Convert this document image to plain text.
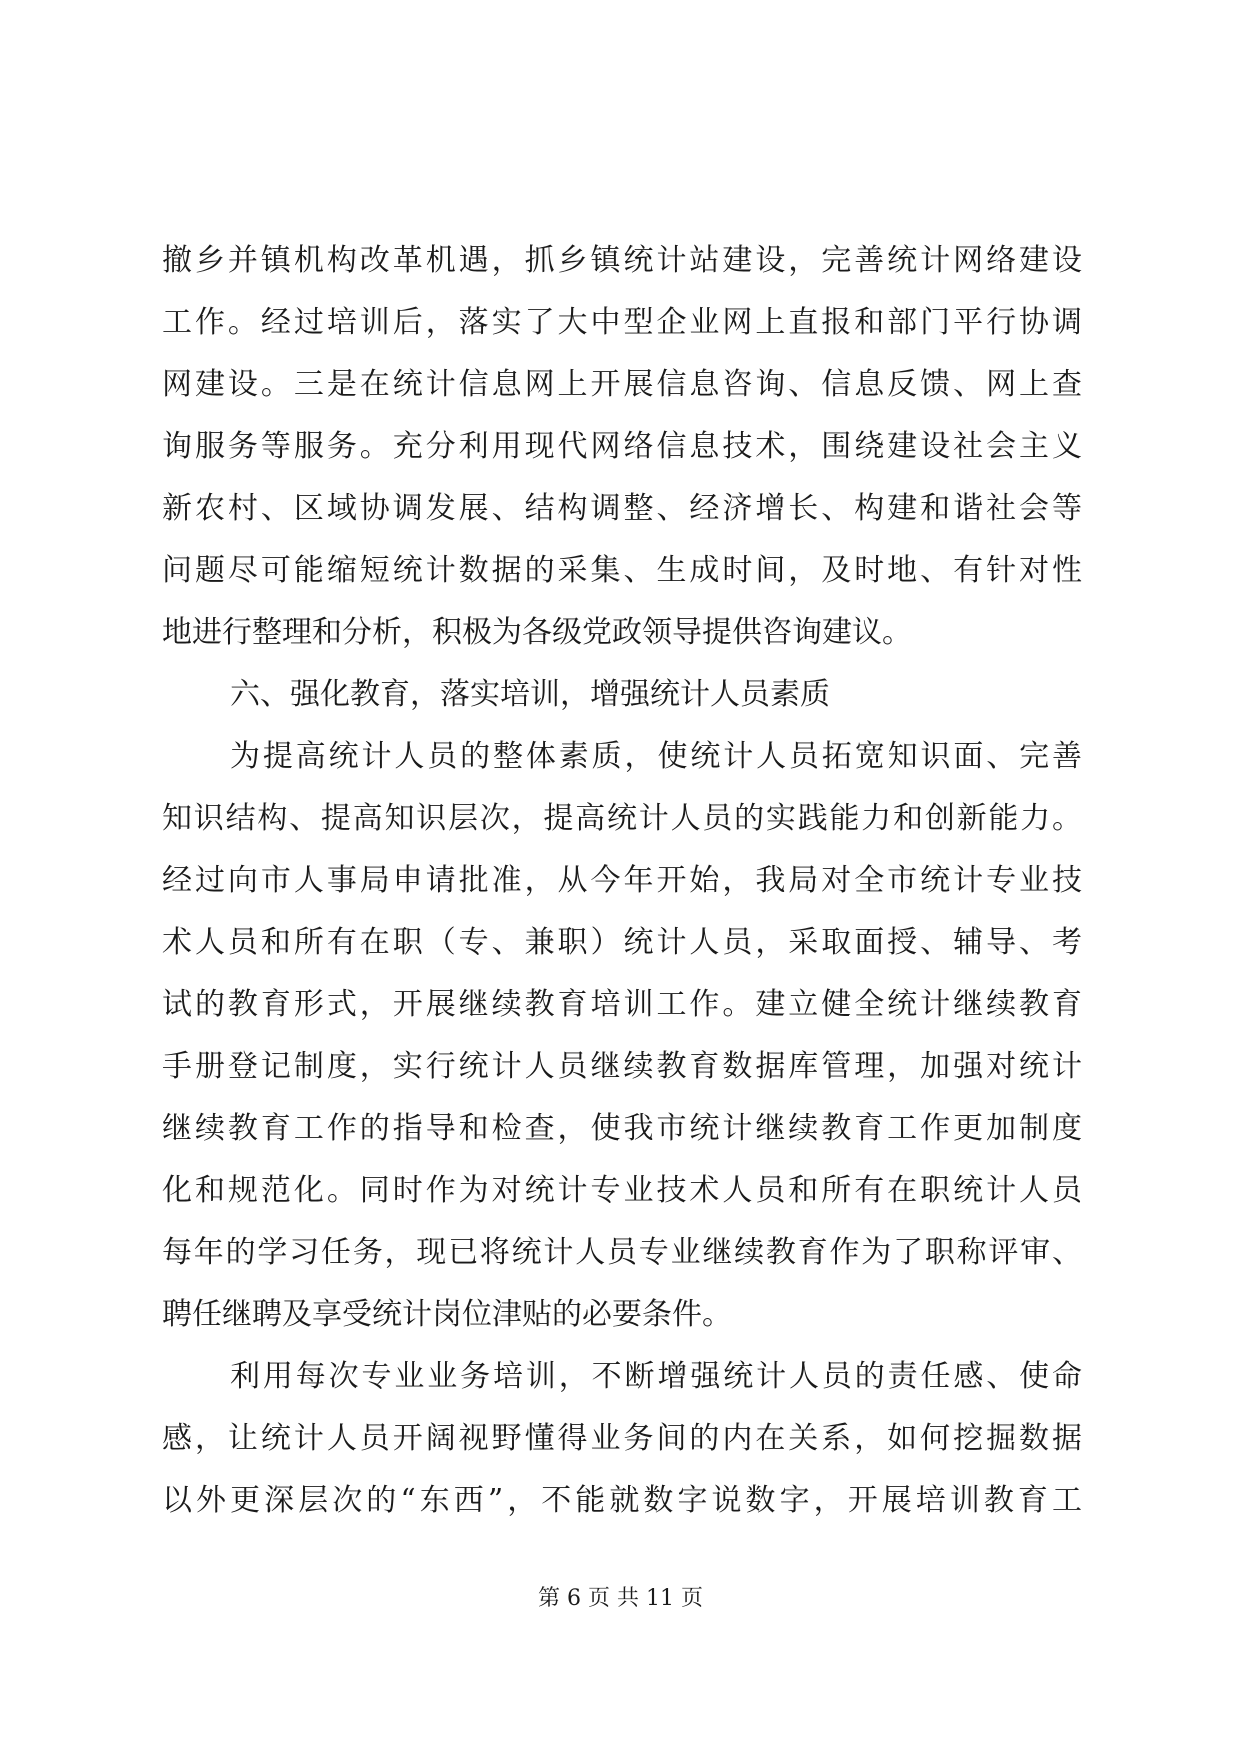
撤乡并镇机构改革机遇，抓乡镇统计站建设，完善统计网络建设
工作。经过培训后，落实了大中型企业网上直报和部门平行协调
网建设。三是在统计信息网上开展信息咨询、信息反馈、网上查
询服务等服务。充分利用现代网络信息技术，围绕建设社会主义
新农村、区域协调发展、结构调整、经济增长、构建和谐社会等
问题尽可能缩短统计数据的采集、生成时间，及时地、有针对性
地进行整理和分析，积极为各级党政领导提供咨询建议。
六、强化教育，落实培训，增强统计人员素质
为提高统计人员的整体素质，使统计人员拓宽知识面、完善
知识结构、提高知识层次，提高统计人员的实践能力和创新能力。
经过向市人事局申请批准，从今年开始，我局对全市统计专业技
术人员和所有在职（专、兼职）统计人员，采取面授、辅导、考
试的教育形式，开展继续教育培训工作。建立健全统计继续教育
手册登记制度，实行统计人员继续教育数据库管理，加强对统计
继续教育工作的指导和检查，使我市统计继续教育工作更加制度
化和规范化。同时作为对统计专业技术人员和所有在职统计人员
每年的学习任务，现已将统计人员专业继续教育作为了职称评审、
聘任继聘及享受统计岗位津贴的必要条件。
利用每次专业业务培训，不断增强统计人员的责任感、使命
感，让统计人员开阔视野懂得业务间的内在关系，如何挖掘数据
以外更深层次的“东西”，不能就数字说数字，开展培训教育工
第 6 页 共 11 页
